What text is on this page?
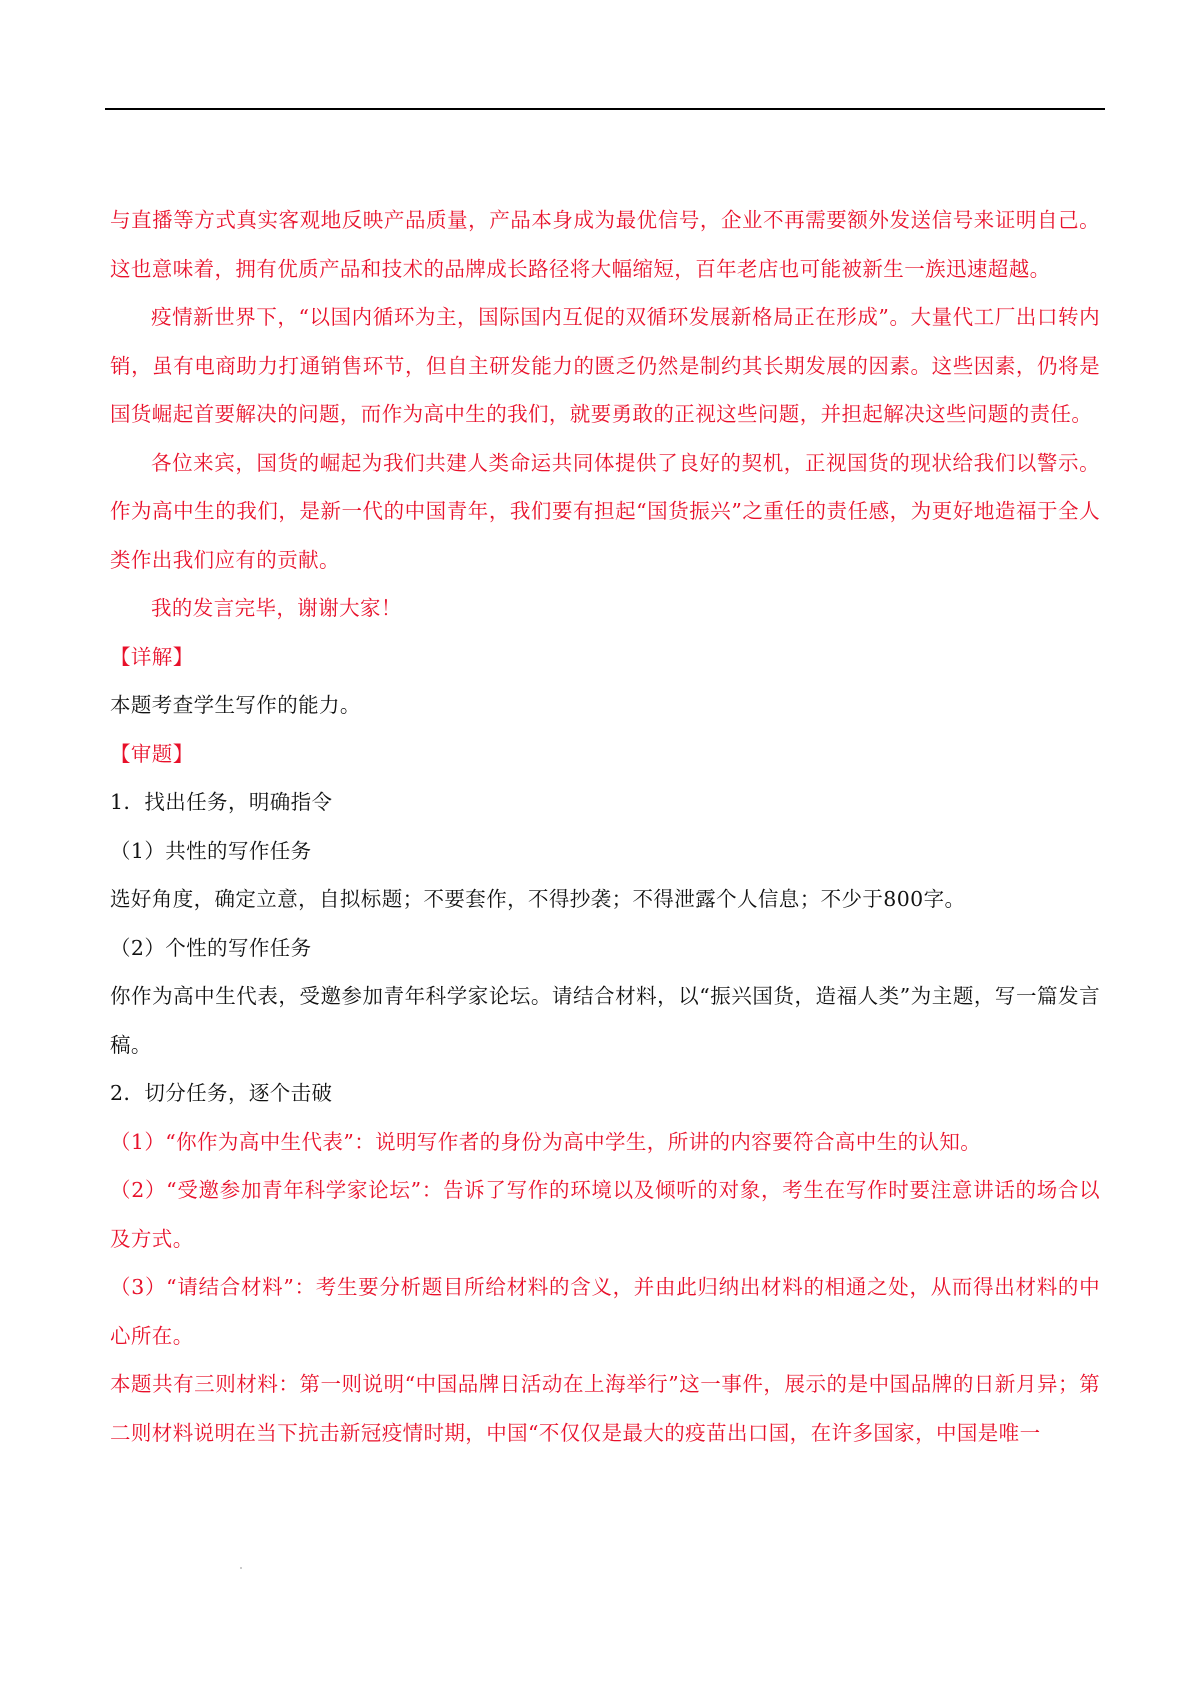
与直播等方式真实客观地反映产品质量，产品本身成为最优信号，企业不再需要额外发送信号来证明自己。这也意味着，拥有优质产品和技术的品牌成长路径将大幅缩短，百年老店也可能被新生一族迅速超越。

疫情新世界下，“以国内循环为主，国际国内互促的双循环发展新格局正在形成”。大量代工厂出口转内销，虽有电商助力打通销售环节，但自主研发能力的匮乏仍然是制约其长期发展的因素。这些因素，仍将是国货崛起首要解决的问题，而作为高中生的我们，就要勇敢的正视这些问题，并担起解决这些问题的责任。

各位来宾，国货的崛起为我们共建人类命运共同体提供了良好的契机，正视国货的现状给我们以警示。作为高中生的我们，是新一代的中国青年，我们要有担起“国货振兴”之重任的责任感，为更好地造福于全人类作出我们应有的贡献。

我的发言完毕，谢谢大家！

【详解】

本题考查学生写作的能力。

【审题】

1．找出任务，明确指令

（1）共性的写作任务

选好角度，确定立意，自拟标题；不要套作，不得抄袭；不得泄露个人信息；不少于800字。

（2）个性的写作任务

你作为高中生代表，受邀参加青年科学家论坛。请结合材料，以“振兴国货，造福人类”为主题，写一篇发言稿。

2．切分任务，逐个击破

（1）“你作为高中生代表”：说明写作者的身份为高中学生，所讲的内容要符合高中生的认知。

（2）“受邀参加青年科学家论坛”：告诉了写作的环境以及倾听的对象，考生在写作时要注意讲话的场合以及方式。

（3）“请结合材料”：考生要分析题目所给材料的含义，并由此归纳出材料的相通之处，从而得出材料的中心所在。

本题共有三则材料：第一则说明“中国品牌日活动在上海举行”这一事件，展示的是中国品牌的日新月异；第二则材料说明在当下抗击新冠疫情时期，中国“不仅仅是最大的疫苗出口国，在许多国家，中国是唯一
